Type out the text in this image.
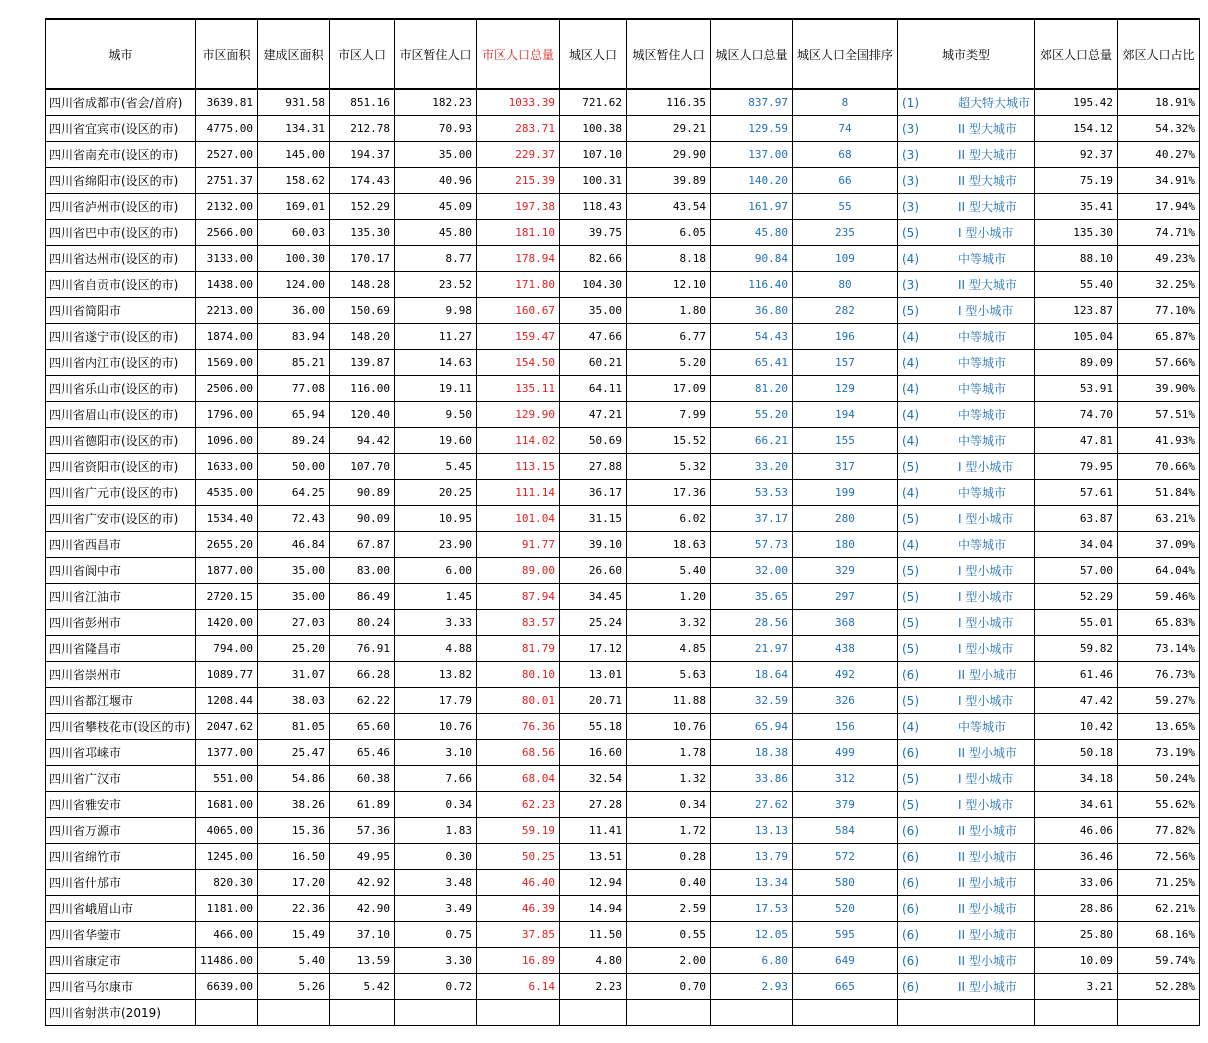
城市	市区面积	建成区面积	市区人口	市区暂住人口	市区人口总量	城区人口	城区暂住人口	城区人口总量	城区人口全国排序	城市类型	郊区人口总量	郊区人口占比
四川省成都市(省会/首府)	3639.81	931.58	851.16	182.23	1033.39	721.62	116.35	837.97	8	(1) 超大特大城市	195.42	18.91%
四川省宜宾市(设区的市)	4775.00	134.31	212.78	70.93	283.71	100.38	29.21	129.59	74	(3) II 型大城市	154.12	54.32%
四川省南充市(设区的市)	2527.00	145.00	194.37	35.00	229.37	107.10	29.90	137.00	68	(3) II 型大城市	92.37	40.27%
四川省绵阳市(设区的市)	2751.37	158.62	174.43	40.96	215.39	100.31	39.89	140.20	66	(3) II 型大城市	75.19	34.91%
四川省泸州市(设区的市)	2132.00	169.01	152.29	45.09	197.38	118.43	43.54	161.97	55	(3) II 型大城市	35.41	17.94%
四川省巴中市(设区的市)	2566.00	60.03	135.30	45.80	181.10	39.75	6.05	45.80	235	(5) I 型小城市	135.30	74.71%
四川省达州市(设区的市)	3133.00	100.30	170.17	8.77	178.94	82.66	8.18	90.84	109	(4) 中等城市	88.10	49.23%
四川省自贡市(设区的市)	1438.00	124.00	148.28	23.52	171.80	104.30	12.10	116.40	80	(3) II 型大城市	55.40	32.25%
四川省简阳市	2213.00	36.00	150.69	9.98	160.67	35.00	1.80	36.80	282	(5) I 型小城市	123.87	77.10%
四川省遂宁市(设区的市)	1874.00	83.94	148.20	11.27	159.47	47.66	6.77	54.43	196	(4) 中等城市	105.04	65.87%
四川省内江市(设区的市)	1569.00	85.21	139.87	14.63	154.50	60.21	5.20	65.41	157	(4) 中等城市	89.09	57.66%
四川省乐山市(设区的市)	2506.00	77.08	116.00	19.11	135.11	64.11	17.09	81.20	129	(4) 中等城市	53.91	39.90%
四川省眉山市(设区的市)	1796.00	65.94	120.40	9.50	129.90	47.21	7.99	55.20	194	(4) 中等城市	74.70	57.51%
四川省德阳市(设区的市)	1096.00	89.24	94.42	19.60	114.02	50.69	15.52	66.21	155	(4) 中等城市	47.81	41.93%
四川省资阳市(设区的市)	1633.00	50.00	107.70	5.45	113.15	27.88	5.32	33.20	317	(5) I 型小城市	79.95	70.66%
四川省广元市(设区的市)	4535.00	64.25	90.89	20.25	111.14	36.17	17.36	53.53	199	(4) 中等城市	57.61	51.84%
四川省广安市(设区的市)	1534.40	72.43	90.09	10.95	101.04	31.15	6.02	37.17	280	(5) I 型小城市	63.87	63.21%
四川省西昌市	2655.20	46.84	67.87	23.90	91.77	39.10	18.63	57.73	180	(4) 中等城市	34.04	37.09%
四川省阆中市	1877.00	35.00	83.00	6.00	89.00	26.60	5.40	32.00	329	(5) I 型小城市	57.00	64.04%
四川省江油市	2720.15	35.00	86.49	1.45	87.94	34.45	1.20	35.65	297	(5) I 型小城市	52.29	59.46%
四川省彭州市	1420.00	27.03	80.24	3.33	83.57	25.24	3.32	28.56	368	(5) I 型小城市	55.01	65.83%
四川省隆昌市	794.00	25.20	76.91	4.88	81.79	17.12	4.85	21.97	438	(5) I 型小城市	59.82	73.14%
四川省崇州市	1089.77	31.07	66.28	13.82	80.10	13.01	5.63	18.64	492	(6) II 型小城市	61.46	76.73%
四川省都江堰市	1208.44	38.03	62.22	17.79	80.01	20.71	11.88	32.59	326	(5) I 型小城市	47.42	59.27%
四川省攀枝花市(设区的市)	2047.62	81.05	65.60	10.76	76.36	55.18	10.76	65.94	156	(4) 中等城市	10.42	13.65%
四川省邛崃市	1377.00	25.47	65.46	3.10	68.56	16.60	1.78	18.38	499	(6) II 型小城市	50.18	73.19%
四川省广汉市	551.00	54.86	60.38	7.66	68.04	32.54	1.32	33.86	312	(5) I 型小城市	34.18	50.24%
四川省雅安市	1681.00	38.26	61.89	0.34	62.23	27.28	0.34	27.62	379	(5) I 型小城市	34.61	55.62%
四川省万源市	4065.00	15.36	57.36	1.83	59.19	11.41	1.72	13.13	584	(6) II 型小城市	46.06	77.82%
四川省绵竹市	1245.00	16.50	49.95	0.30	50.25	13.51	0.28	13.79	572	(6) II 型小城市	36.46	72.56%
四川省什邡市	820.30	17.20	42.92	3.48	46.40	12.94	0.40	13.34	580	(6) II 型小城市	33.06	71.25%
四川省峨眉山市	1181.00	22.36	42.90	3.49	46.39	14.94	2.59	17.53	520	(6) II 型小城市	28.86	62.21%
四川省华蓥市	466.00	15.49	37.10	0.75	37.85	11.50	0.55	12.05	595	(6) II 型小城市	25.80	68.16%
四川省康定市	11486.00	5.40	13.59	3.30	16.89	4.80	2.00	6.80	649	(6) II 型小城市	10.09	59.74%
四川省马尔康市	6639.00	5.26	5.42	0.72	6.14	2.23	0.70	2.93	665	(6) II 型小城市	3.21	52.28%
四川省射洪市(2019)												
